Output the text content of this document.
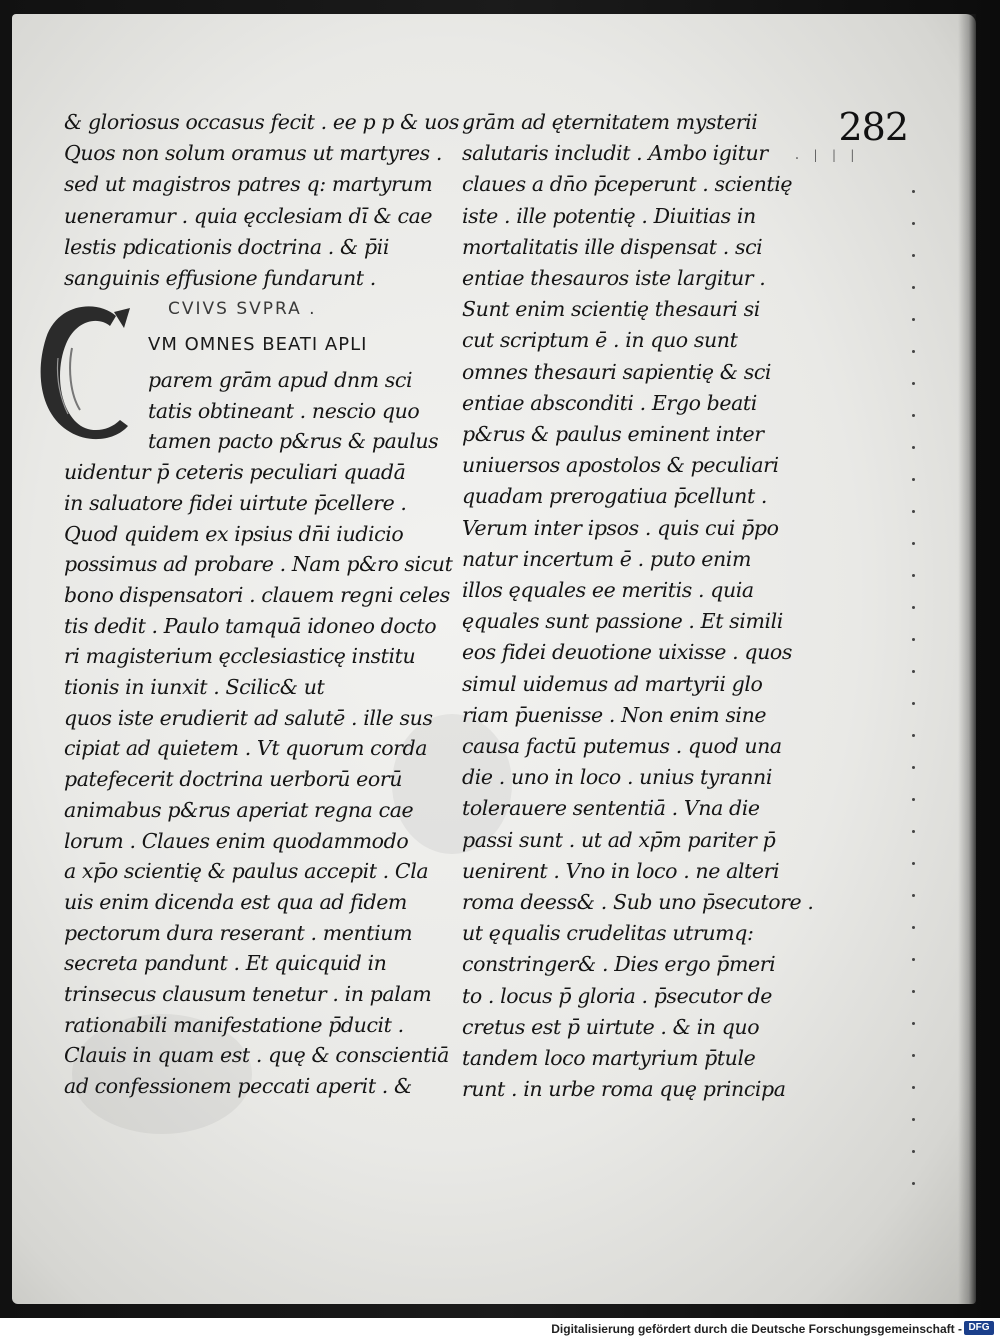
282
. | | |
& gloriosus occasus fecit . ee p p & uos .
Quos non solum oramus ut martyres .
sed ut magistros patres q: martyrum
ueneramur . quia ęcclesiam dī & cae
lestis pdicationis doctrina . & p̄ii
sanguinis effusione fundarunt .
CVIVS SVPRA .
C
VM OMNES BEATI APLI
parem grām apud dnm sci
tatis obtineant . nescio quo
tamen pacto p&rus & paulus
uidentur p̄ ceteris peculiari quadā
in saluatore fidei uirtute p̄cellere .
Quod quidem ex ipsius dn̄i iudicio
possimus ad probare . Nam p&ro sicut
bono dispensatori . clauem regni celes
tis dedit . Paulo tamquā idoneo docto
ri magisterium ęcclesiasticę institu
tionis in iunxit . Scilic& ut
quos iste erudierit ad salutē . ille sus
cipiat ad quietem . Vt quorum corda
patefecerit doctrina uerborū eorū
animabus p&rus aperiat regna cae
lorum . Claues enim quodammodo
a xp̄o scientię & paulus accepit . Cla
uis enim dicenda est qua ad fidem
pectorum dura reserant . mentium
secreta pandunt . Et quicquid in
trinsecus clausum tenetur . in palam
rationabili manifestatione p̄ducit .
Clauis in quam est . quę & conscientiā
ad confessionem peccati aperit . &
grām ad ęternitatem mysterii
salutaris includit . Ambo igitur
claues a dn̄o p̄ceperunt . scientię
iste . ille potentię . Diuitias in
mortalitatis ille dispensat . sci
entiae thesauros iste largitur .
Sunt enim scientię thesauri si
cut scriptum ē . in quo sunt
omnes thesauri sapientię & sci
entiae absconditi . Ergo beati
p&rus & paulus eminent inter
uniuersos apostolos & peculiari
quadam prerogatiua p̄cellunt .
Verum inter ipsos . quis cui p̄po
natur incertum ē . puto enim
illos ęquales ee meritis . quia
ęquales sunt passione . Et simili
eos fidei deuotione uixisse . quos
simul uidemus ad martyrii glo
riam p̄uenisse . Non enim sine
causa factū putemus . quod una
die . uno in loco . unius tyranni
tolerauere sententiā . Vna die
passi sunt . ut ad xp̄m pariter p̄
uenirent . Vno in loco . ne alteri
roma deess& . Sub uno p̄secutore .
ut ęqualis crudelitas utrumq:
constringer& . Dies ergo p̄meri
to . locus p̄ gloria . p̄secutor de
cretus est p̄ uirtute . & in quo
tandem loco martyrium p̄tule
runt . in urbe roma quę principa
Digitalisierung gefördert durch die Deutsche Forschungsgemeinschaft - DFG
